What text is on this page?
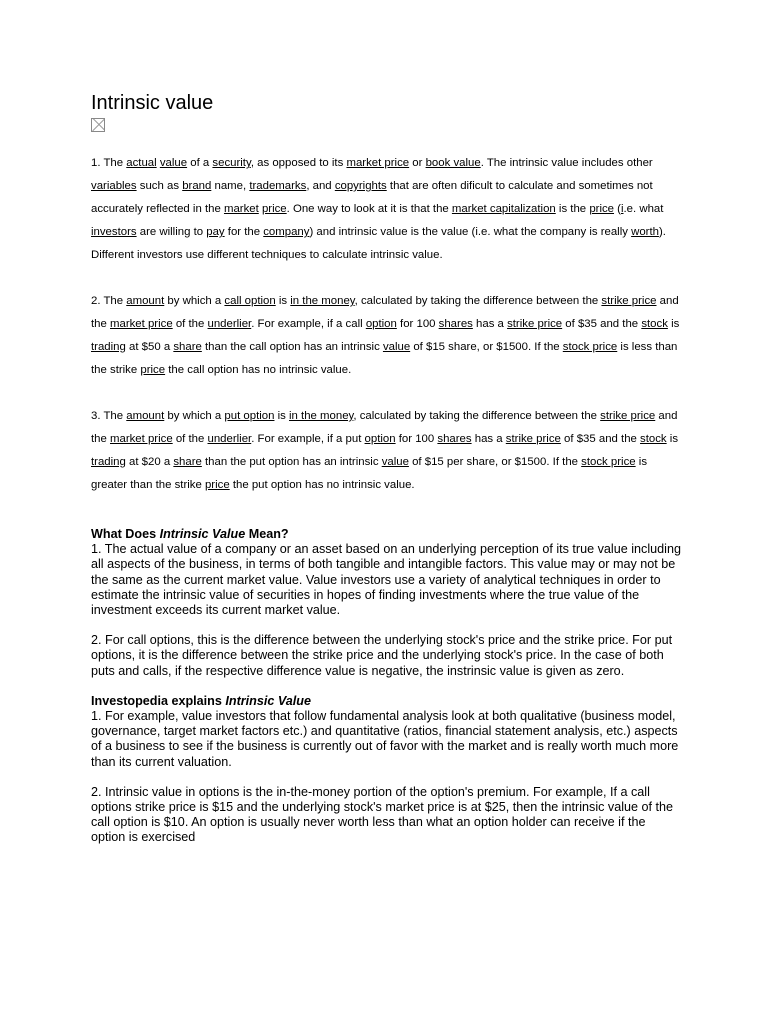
Intrinsic value

1. The actual value of a security, as opposed to its market price or book value. The intrinsic value includes other variables such as brand name, trademarks, and copyrights that are often dificult to calculate and sometimes not accurately reflected in the market price. One way to look at it is that the market capitalization is the price (i.e. what investors are willing to pay for the company) and intrinsic value is the value (i.e. what the company is really worth). Different investors use different techniques to calculate intrinsic value.

2. The amount by which a call option is in the money, calculated by taking the difference between the strike price and the market price of the underlier. For example, if a call option for 100 shares has a strike price of $35 and the stock is trading at $50 a share than the call option has an intrinsic value of $15 share, or $1500. If the stock price is less than the strike price the call option has no intrinsic value.

3. The amount by which a put option is in the money, calculated by taking the difference between the strike price and the market price of the underlier. For example, if a put option for 100 shares has a strike price of $35 and the stock is trading at $20 a share than the put option has an intrinsic value of $15 per share, or $1500. If the stock price is greater than the strike price the put option has no intrinsic value.

What Does Intrinsic Value Mean?

1. The actual value of a company or an asset based on an underlying perception of its true value including all aspects of the business, in terms of both tangible and intangible factors. This value may or may not be the same as the current market value. Value investors use a variety of analytical techniques in order to estimate the intrinsic value of securities in hopes of finding investments where the true value of the investment exceeds its current market value.

2. For call options, this is the difference between the underlying stock's price and the strike price. For put options, it is the difference between the strike price and the underlying stock's price. In the case of both puts and calls, if the respective difference value is negative, the instrinsic value is given as zero.

Investopedia explains Intrinsic Value

1. For example, value investors that follow fundamental analysis look at both qualitative (business model, governance, target market factors etc.) and quantitative (ratios, financial statement analysis, etc.) aspects of a business to see if the business is currently out of favor with the market and is really worth much more than its current valuation.

2. Intrinsic value in options is the in-the-money portion of the option's premium. For example, If a call options strike price is $15 and the underlying stock's market price is at $25, then the intrinsic value of the call option is $10. An option is usually never worth less than what an option holder can receive if the option is exercised
